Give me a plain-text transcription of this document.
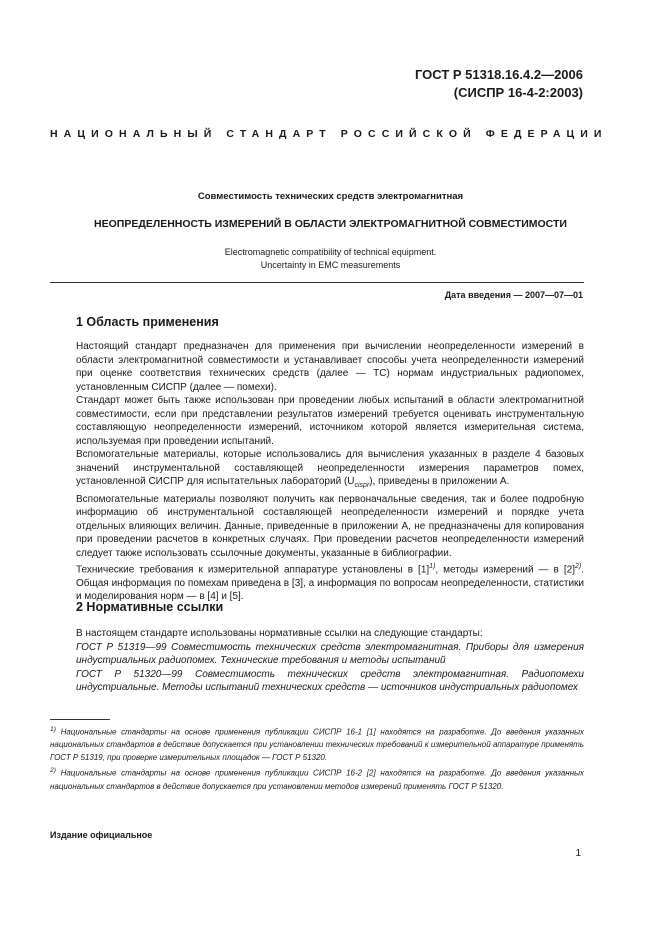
ГОСТ Р 51318.16.4.2—2006
(СИСПР 16-4-2:2003)
НАЦИОНАЛЬНЫЙ СТАНДАРТ РОССИЙСКОЙ ФЕДЕРАЦИИ
Совместимость технических средств электромагнитная
НЕОПРЕДЕЛЕННОСТЬ ИЗМЕРЕНИЙ В ОБЛАСТИ ЭЛЕКТРОМАГНИТНОЙ СОВМЕСТИМОСТИ
Electromagnetic compatibility of technical equipment.
Uncertainty in EMC measurements
Дата введения — 2007—07—01
1 Область применения

Настоящий стандарт предназначен для применения при вычислении неопределенности измерений в области электромагнитной совместимости и устанавливает способы учета неопределенности измерений при оценке соответствия технических средств (далее — ТС) нормам индустриальных радиопомех, установленным СИСПР (далее — помехи).

Стандарт может быть также использован при проведении любых испытаний в области электромагнитной совместимости, если при представлении результатов измерений требуется оценивать инструментальную составляющую неопределенности измерений, источником которой является измерительная система, используемая при проведении испытаний.

Вспомогательные материалы, которые использовались для вычисления указанных в разделе 4 базовых значений инструментальной составляющей неопределенности измерения параметров помех, установленной СИСПР для испытательных лабораторий $(U_{cispr})$, приведены в приложении А.

Вспомогательные материалы позволяют получить как первоначальные сведения, так и более подробную информацию об инструментальной составляющей неопределенности измерений и порядке учета отдельных влияющих величин. Данные, приведенные в приложении А, не предназначены для копирования при проведении расчетов в конкретных случаях. При проведении расчетов неопределенности измерений следует также использовать ссылочные документы, указанные в библиографии.

Технические требования к измерительной аппаратуре установлены в $[1]^{1)}$, методы измерений — в $[2]^{2)}$. Общая информация по помехам приведена в [3], а информация по вопросам неопределенности, статистики и моделирования норм — в [4] и [5].

2 Нормативные ссылки

В настоящем стандарте использованы нормативные ссылки на следующие стандарты:

ГОСТ Р 51319—99 Совместимость технических средств электромагнитная. Приборы для измерения индустриальных радиопомех. Технические требования и методы испытаний

ГОСТ Р 51320—99 Совместимость технических средств электромагнитная. Радиопомехи индустриальные. Методы испытаний технических средств — источников индустриальных радиопомех

$^{1)}$ Национальные стандарты на основе применения публикации СИСПР 16-1 [1] находятся на разработке. До введения указанных национальных стандартов в действие допускается при установлении технических требований к измерительной аппаратуре применять ГОСТ Р 51319, при проверке измерительных площадок — ГОСТ Р 51320.

$^{2)}$ Национальные стандарты на основе применения публикации СИСПР 16-2 [2] находятся на разработке. До введения указанных национальных стандартов в действие допускается при установлении методов измерений применять ГОСТ Р 51320.

Издание официальное
1
